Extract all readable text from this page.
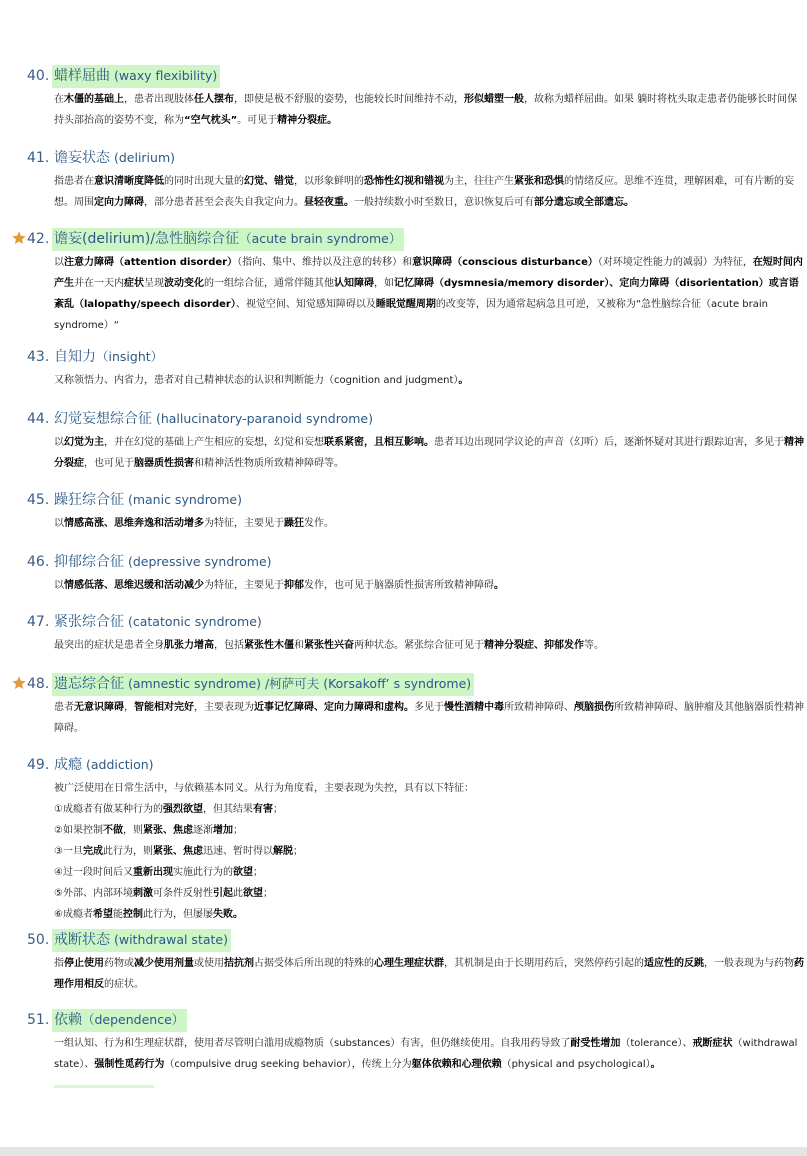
40. 蜡样屈曲 (waxy flexibility)

在木僵的基础上，患者出现肢体任人摆布，即使是极不舒服的姿势，也能较长时间维持不动，形似蜡塑一般，故称为蜡样屈曲。如果 躺时将枕头取走患者仍能够长时间保持头部抬高的姿势不变，称为“空气枕头”。可见于精神分裂症。

41. 谵妄状态 (delirium)

指患者在意识清晰度降低的同时出现大量的幻觉、错觉，以形象鲜明的恐怖性幻视和错视为主，往往产生紧张和恐惧的情绪反应。思维不连贯，理解困难，可有片断的妄想。周围定向力障碍，部分患者甚至会丧失自我定向力。昼轻夜重。一般持续数小时至数日，意识恢复后可有部分遗忘或全部遗忘。

42. 谵妄(delirium)/急性脑综合征（acute brain syndrome）

以注意力障碍（attention disorder）（指向、集中、维持以及注意的转移）和意识障碍（conscious disturbance）（对环境定性能力的减弱）为特征，在短时间内产生并在一天内症状呈现波动变化的一组综合征，通常伴随其他认知障碍，如记忆障碍（dysmnesia/memory disorder）、定向力障碍（disorientation）或言语紊乱（lalopathy/speech disorder）、视觉空间、知觉感知障碍以及睡眠觉醒周期的改变等，因为通常起病急且可逆，又被称为“急性脑综合征（acute brain syndrome）“

43. 自知力（insight）

又称领悟力、内省力，患者对自己精神状态的认识和判断能力（cognition and judgment）。

44. 幻觉妄想综合征 (hallucinatory-paranoid syndrome)

以幻觉为主，并在幻觉的基础上产生相应的妄想，幻觉和妄想联系紧密，且相互影响。患者耳边出现同学议论的声音（幻听）后，逐渐怀疑对其进行跟踪迫害，多见于精神分裂症，也可见于脑器质性损害和精神活性物质所致精神障碍等。

45. 躁狂综合征 (manic syndrome)

以情感高涨、思维奔逸和活动增多为特征，主要见于躁狂发作。

46. 抑郁综合征 (depressive syndrome)

以情感低落、思维迟缓和活动减少为特征，主要见于抑郁发作，也可见于脑器质性损害所致精神障碍。

47. 紧张综合征 (catatonic syndrome)

最突出的症状是患者全身肌张力增高，包括紧张性木僵和紧张性兴奋两种状态。紧张综合征可见于精神分裂症、抑郁发作等。

48. 遗忘综合征 (amnestic syndrome) /柯萨可夫 (Korsakoff’ s syndrome)

患者无意识障碍，智能相对完好，主要表现为近事记忆障碍、定向力障碍和虚构。多见于慢性酒精中毒所致精神障碍、颅脑损伤所致精神障碍、脑肿瘤及其他脑器质性精神障碍。

49. 成瘾 (addiction)

被广泛使用在日常生活中，与依赖基本同义。从行为角度看，主要表现为失控，具有以下特征：
①成瘾者有做某种行为的强烈欲望，但其结果有害；
②如果控制不做，则紧张、焦虑逐渐增加；
③一旦完成此行为，则紧张、焦虑迅速、暂时得以解脱；
④过一段时间后又重新出现实施此行为的欲望；
⑤外部、内部环境刺激可条件反射性引起此欲望；
⑥成瘾者希望能控制此行为，但屡屡失败。

50. 戒断状态 (withdrawal state)

指停止使用药物或减少使用剂量或使用拮抗剂占据受体后所出现的特殊的心理生理症状群，其机制是由于长期用药后，突然停药引起的适应性的反跳，一般表现为与药物药理作用相反的症状。

51. 依赖（dependence）

一组认知、行为和生理症状群，使用者尽管明白滥用成瘾物质（substances）有害，但仍继续使用。自我用药导致了耐受性增加（tolerance）、戒断症状（withdrawal state）、强制性觅药行为（compulsive drug seeking behavior），传统上分为躯体依赖和心理依赖（physical and psychological）。
